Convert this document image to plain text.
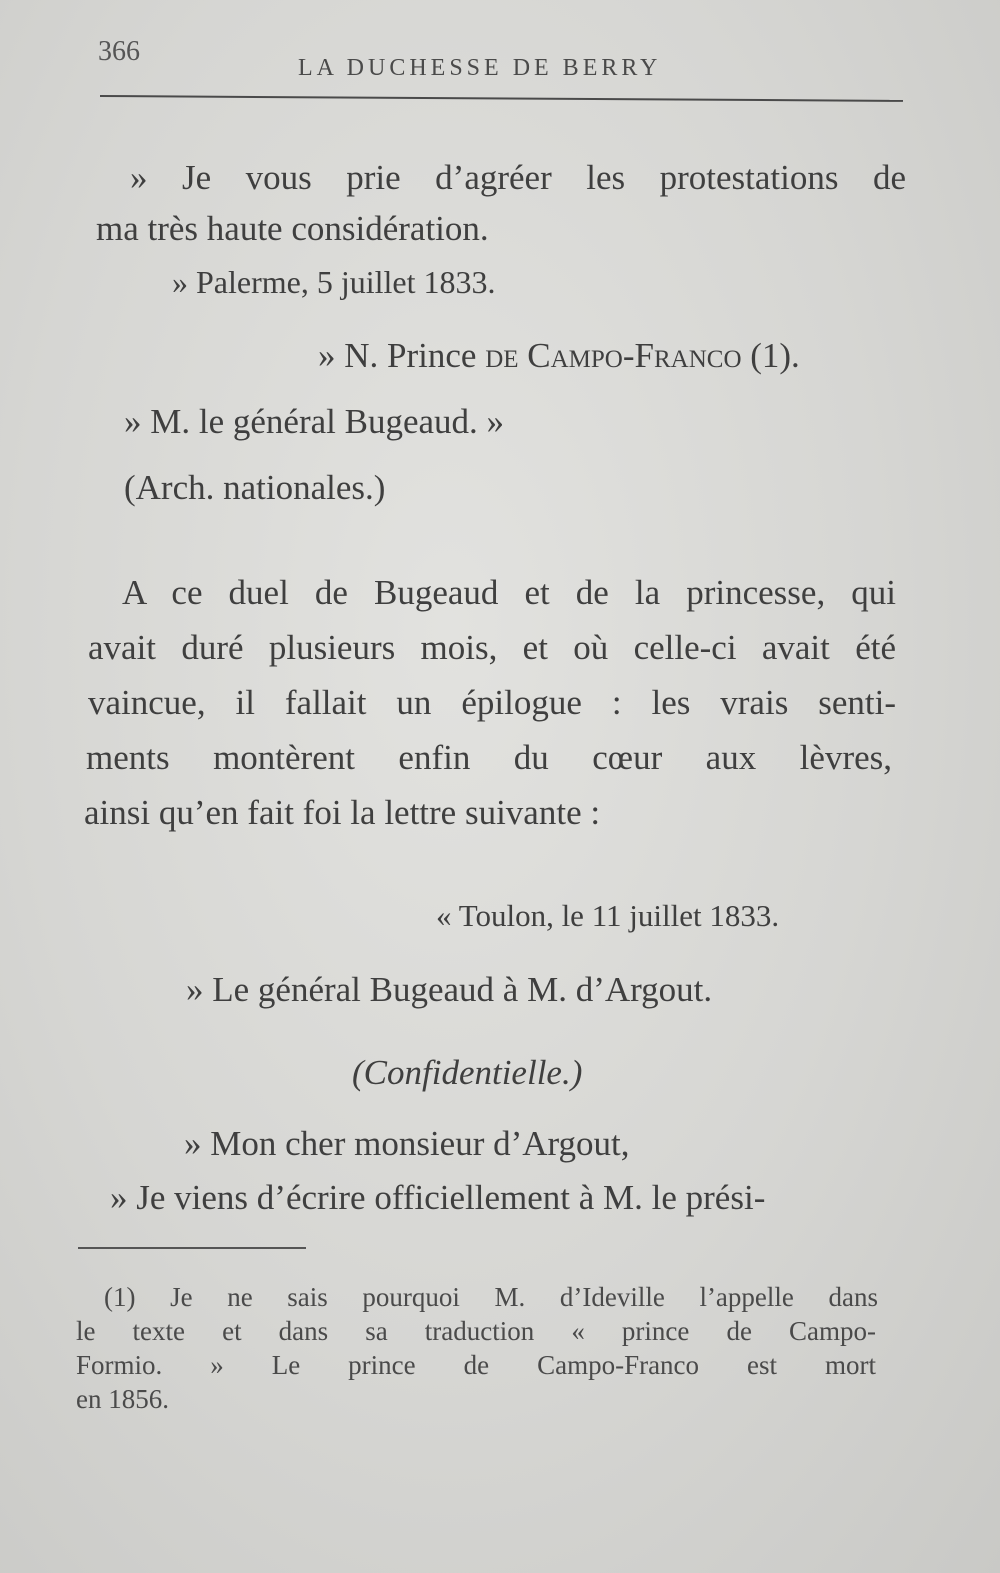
366
LA DUCHESSE DE BERRY
» Je vous prie d’agréer les protestations de
ma très haute considération.
» Palerme, 5 juillet 1833.
» N. Prince de Campo-Franco (1).
» M. le général Bugeaud. »
(Arch. nationales.)
A ce duel de Bugeaud et de la princesse, qui
avait duré plusieurs mois, et où celle-ci avait été
vaincue, il fallait un épilogue : les vrais senti-
ments montèrent enfin du cœur aux lèvres,
ainsi qu’en fait foi la lettre suivante :
« Toulon, le 11 juillet 1833.
» Le général Bugeaud à M. d’Argout.
(Confidentielle.)
» Mon cher monsieur d’Argout,
» Je viens d’écrire officiellement à M. le prési-
(1) Je ne sais pourquoi M. d’Ideville l’appelle dans
le texte et dans sa traduction « prince de Campo-
Formio. » Le prince de Campo-Franco est mort
en 1856.
